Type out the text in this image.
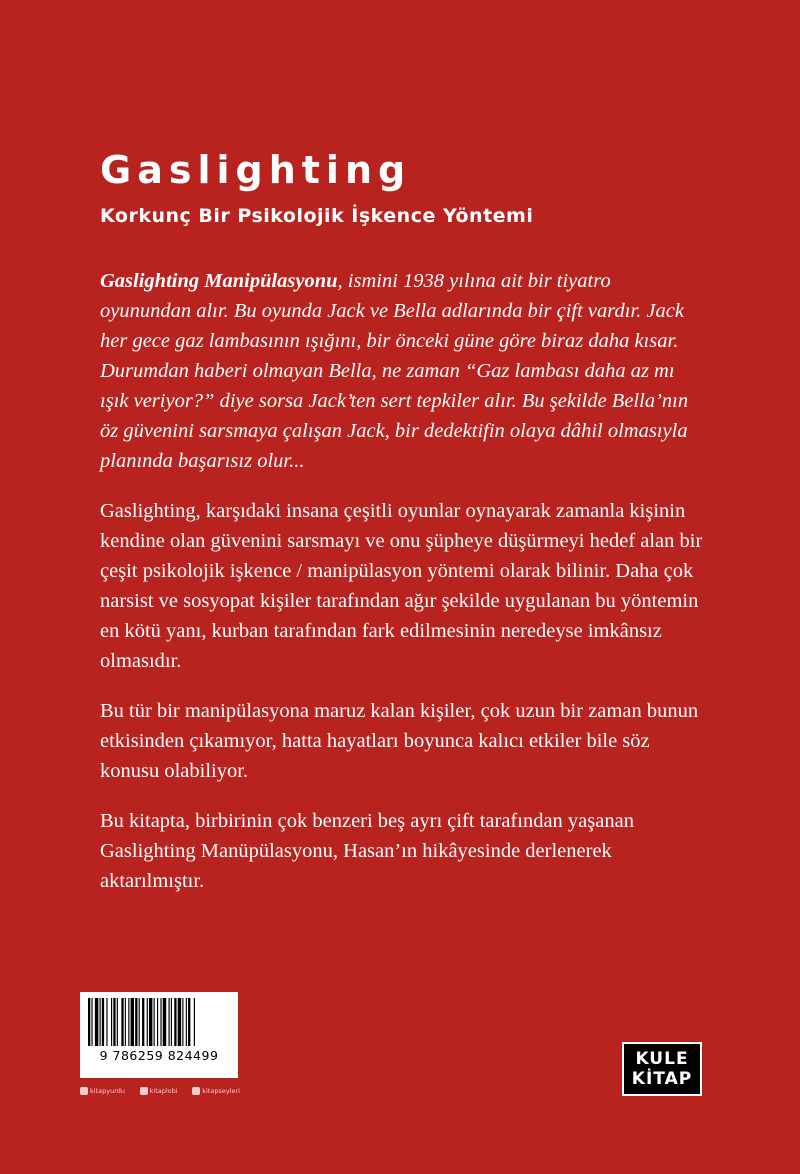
Gaslighting
Korkunç Bir Psikolojik İşkence Yöntemi

Gaslighting Manipülasyonu, ismini 1938 yılına ait bir tiyatro oyunundan alır. Bu oyunda Jack ve Bella adlarında bir çift vardır. Jack her gece gaz lambasının ışığını, bir önceki güne göre biraz daha kısar. Durumdan haberi olmayan Bella, ne zaman “Gaz lambası daha az mı ışık veriyor?” diye sorsa Jack’ten sert tepkiler alır. Bu şekilde Bella’nın öz güvenini sarsmaya çalışan Jack, bir dedektifin olaya dâhil olmasıyla planında başarısız olur...

Gaslighting, karşıdaki insana çeşitli oyunlar oynayarak zamanla kişinin kendine olan güvenini sarsmayı ve onu şüpheye düşürmeyi hedef alan bir çeşit psikolojik işkence / manipülasyon yöntemi olarak bilinir. Daha çok narsist ve sosyopat kişiler tarafından ağır şekilde uygulanan bu yöntemin en kötü yanı, kurban tarafından fark edilmesinin neredeyse imkânsız olmasıdır.

Bu tür bir manipülasyona maruz kalan kişiler, çok uzun bir zaman bunun etkisinden çıkamıyor, hatta hayatları boyunca kalıcı etkiler bile söz konusu olabiliyor.

Bu kitapta, birbirinin çok benzeri beş ayrı çift tarafından yaşanan Gaslighting Manüpülasyonu, Hasan’ın hikâyesinde derlenerek aktarılmıştır.

9 786259 824499
kitapyurdu	kitaplobi	kitapseyleri
KULE
KİTAP
